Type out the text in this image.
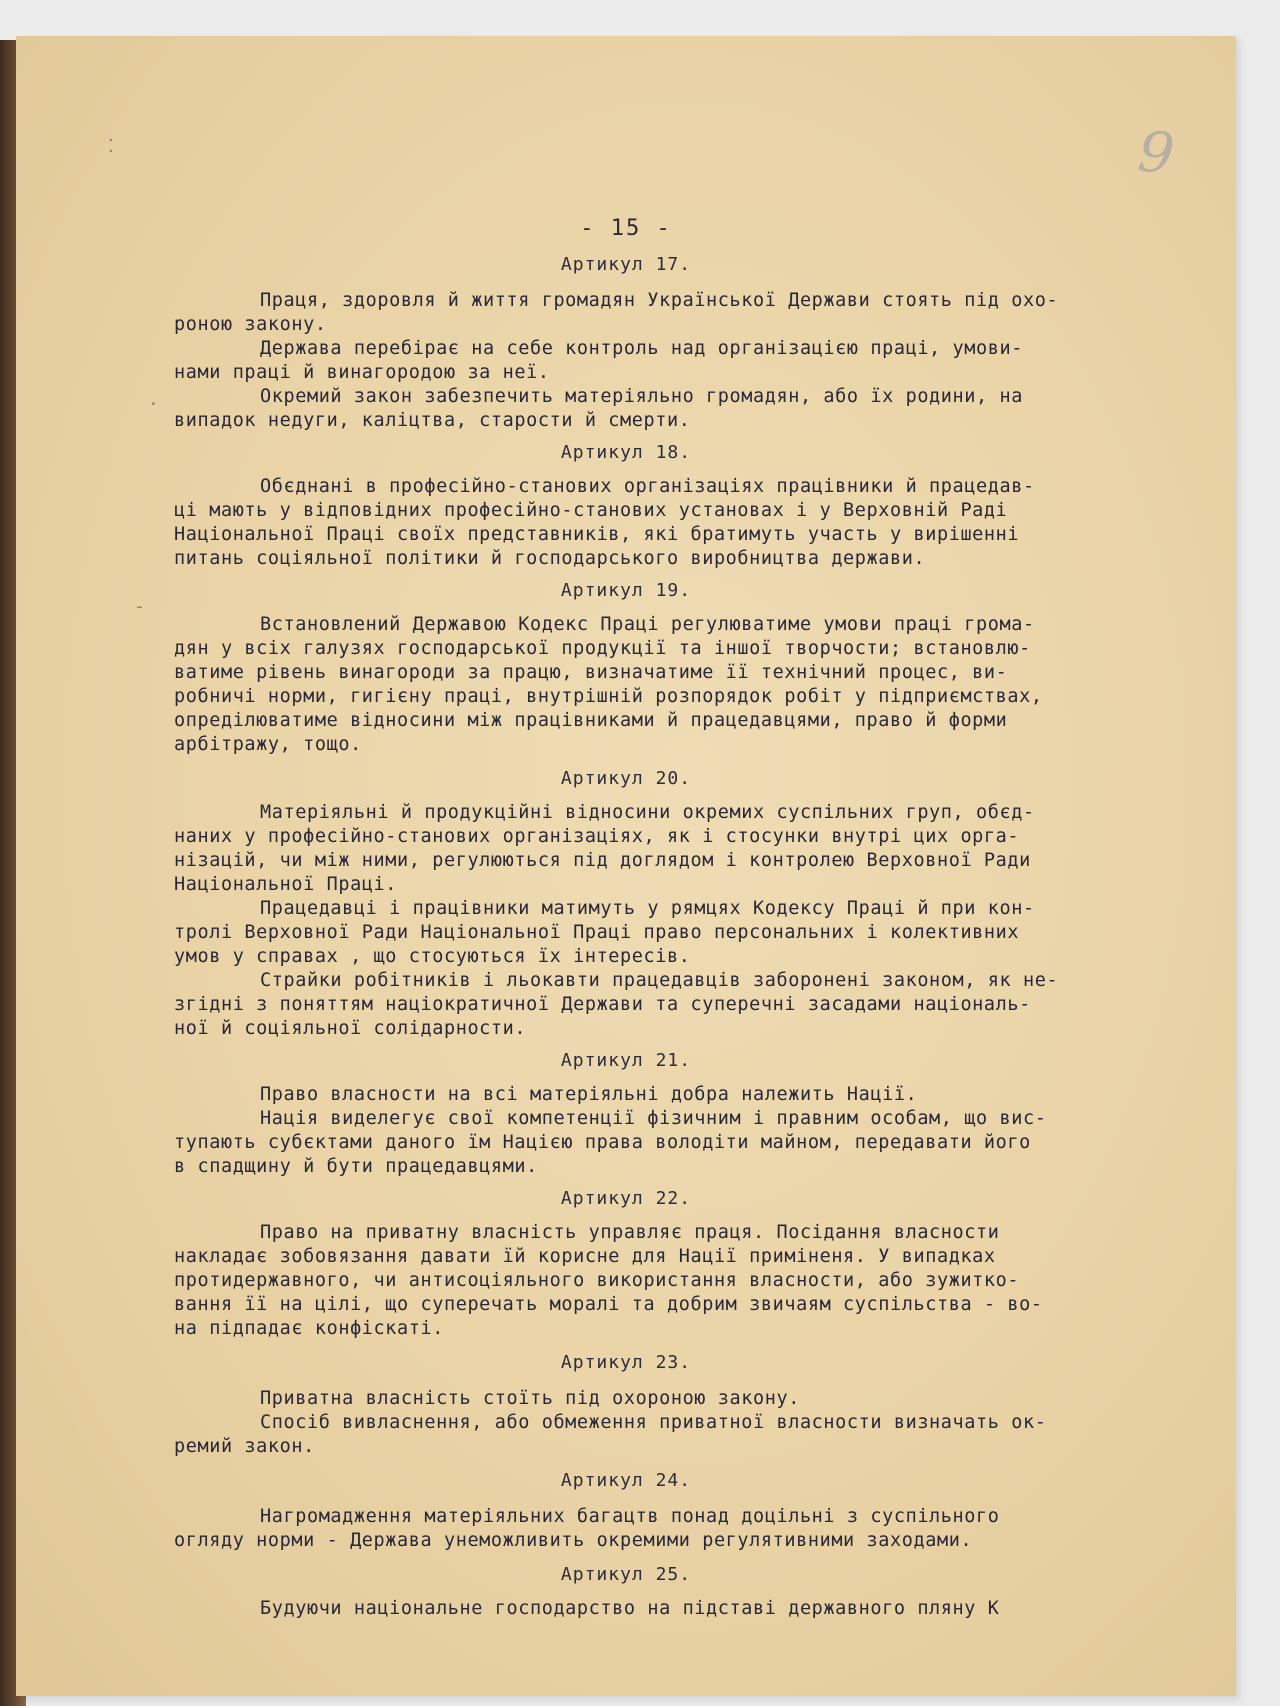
9
⁚
·
-
- 15 -
Артикул 17.
Праця, здоровля й життя громадян Української Держави стоять під охо-
роною закону.
Держава перебірає на себе контроль над організацією праці, умови-
нами праці й винагородою за неї.
Окремий закон забезпечить матеріяльно громадян, або їх родини, на
випадок недуги, каліцтва, старости й смерти.
Артикул 18.
Обєднані в професійно-станових організаціях працівники й працедав-
ці мають у відповідних професійно-станових установах і у Верховній Раді
Національної Праці своїх представників, які братимуть участь у вирішенні
питань соціяльної політики й господарського виробництва держави.
Артикул 19.
Встановлений Державою Кодекс Праці регулюватиме умови праці грома-
дян у всіх галузях господарської продукції та іншої творчости; встановлю-
ватиме рівень винагороди за працю, визначатиме її технічний процес, ви-
робничі норми, гигієну праці, внутрішній розпорядок робіт у підприємствах,
опреділюватиме відносини між працівниками й працедавцями, право й форми
арбітражу, тощо.
Артикул 20.
Матеріяльні й продукційні відносини окремих суспільних груп, обєд-
наних у професійно-станових організаціях, як і стосунки внутрі цих орга-
нізацій, чи між ними, регулюються під доглядом і контролею Верховної Ради
Національної Праці.
Працедавці і працівники матимуть у рямцях Кодексу Праці й при кон-
тролі Верховної Ради Національної Праці право персональних і колективних
умов у справах , що стосуються їх інтересів.
Страйки робітників і льокавти працедавців заборонені законом, як не-
згідні з поняттям націократичної Держави та суперечні засадами національ-
ної й соціяльної солідарности.
Артикул 21.
Право власности на всі матеріяльні добра належить Нації.
Нація виделегує свої компетенції фізичним і правним особам, що вис-
тупають субєктами даного їм Нацією права володіти майном, передавати його
в спадщину й бути працедавцями.
Артикул 22.
Право на приватну власність управляє праця. Посідання власности
накладає зобовязання давати їй корисне для Нації приміненя. У випадках
протидержавного, чи антисоціяльного використання власности, або зужитко-
вання її на цілі, що суперечать моралі та добрим звичаям суспільства - во-
на підпадає конфіскаті.
Артикул 23.
Приватна власність стоїть під охороною закону.
Спосіб вивласнення, або обмеження приватної власности визначать ок-
ремий закон.
Артикул 24.
Нагромадження матеріяльних багацтв понад доцільні з суспільного
огляду норми - Держава унеможливить окремими регулятивними заходами.
Артикул 25.
Будуючи національне господарство на підставі державного пляну К
